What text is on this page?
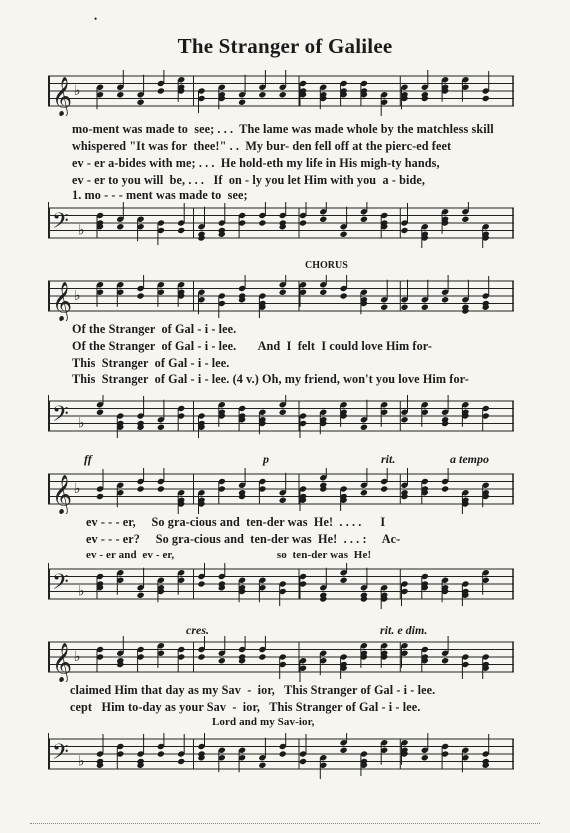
•
The Stranger of Galilee
𝄞 ♭
mo-ment was made to  see; . . .  The lame was made whole by the matchless skill
whispered "It was for  thee!" . .  My bur- den fell off at the pierc-ed feet
ev - er a-bides with me; . . .  He hold-eth my life in His migh-ty hands,
ev - er to you will  be, . . .   If  on - ly you let Him with you  a - bide,
1. mo - - - ment was made to  see;
𝄢 ♭
CHORUS
𝄞 ♭
Of the Stranger  of Gal - i - lee.
Of the Stranger  of Gal - i - lee.       And  I  felt  I could love Him for-
This  Stranger  of Gal - i - lee.
This  Stranger  of Gal - i - lee. (4 v.) Oh, my friend, won't you love Him for-
𝄢 ♭
ff	p	rit.	a tempo
𝄞 ♭
ev - - - er,     So gra-cious and  ten-der was  He!  . . . .      I
ev - - - er?     So gra-cious and  ten-der was  He!  . . . :     Ac-
ev - er and  ev - er,                                    so  ten-der was  He!
𝄢 ♭
cres.	rit. e dim.
𝄞 ♭
claimed Him that day as my Sav  -  ior,   This Stranger of Gal - i - lee.
cept   Him to-day as your Sav  -  ior,   This Stranger of Gal - i - lee.
Lord and my Sav-ior,
𝄢 ♭
